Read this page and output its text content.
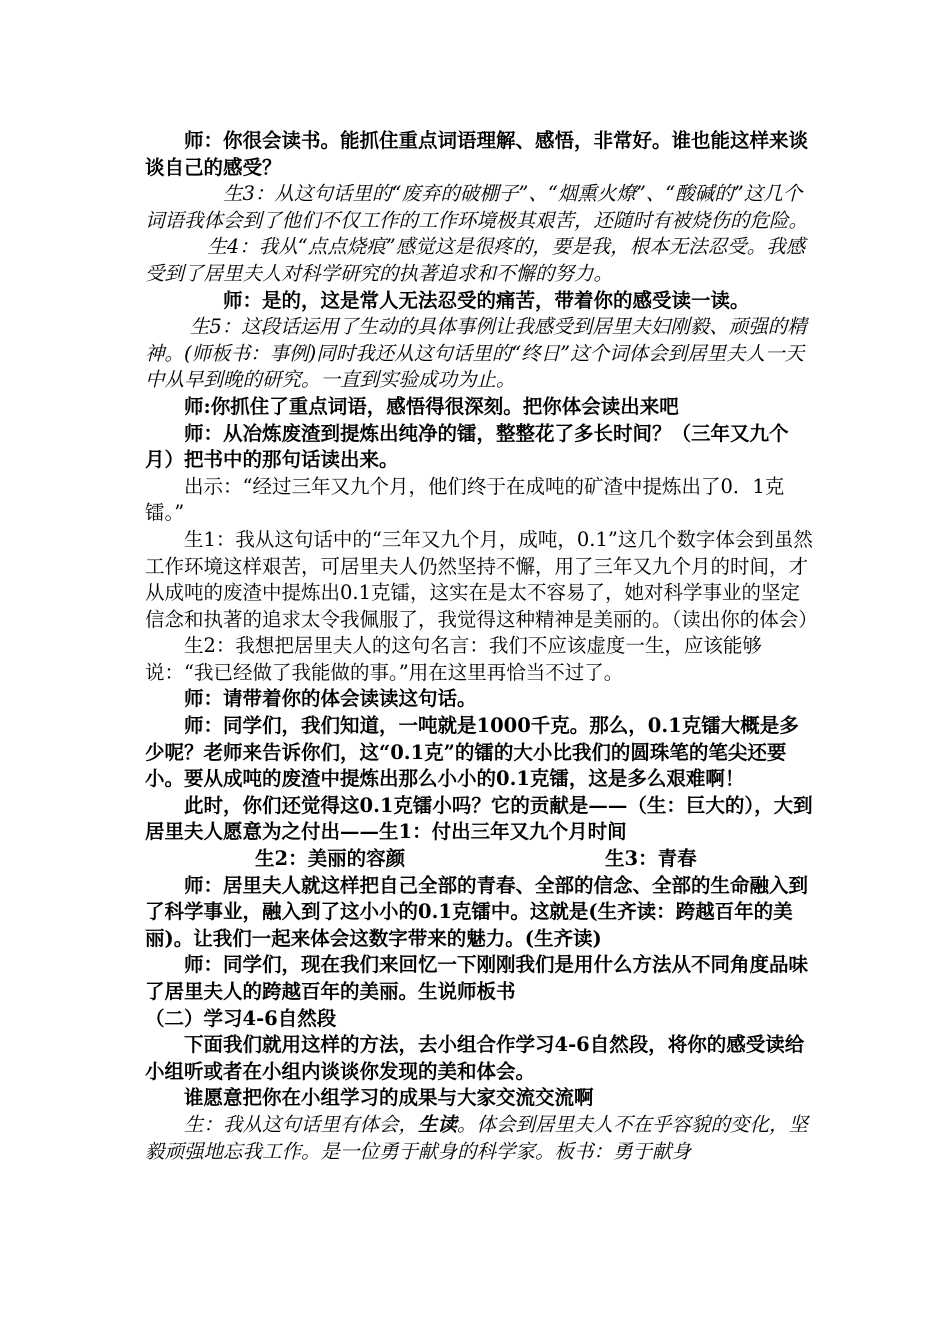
师：你很会读书。能抓住重点词语理解、感悟，非常好。谁也能这样来谈谈自己的感受？

生3：从这句话里的“废弃的破棚子”、“烟熏火燎”、“酸碱的”这几个词语我体会到了他们不仅工作的工作环境极其艰苦，还随时有被烧伤的危险。

生4：我从“点点烧痕”感觉这是很疼的，要是我，根本无法忍受。我感受到了居里夫人对科学研究的执著追求和不懈的努力。

师：是的，这是常人无法忍受的痛苦，带着你的感受读一读。

生5：这段话运用了生动的具体事例让我感受到居里夫妇刚毅、顽强的精神。(师板书：事例)同时我还从这句话里的“终日”这个词体会到居里夫人一天中从早到晚的研究。一直到实验成功为止。

师:你抓住了重点词语，感悟得很深刻。把你体会读出来吧

师：从冶炼废渣到提炼出纯净的镭，整整花了多长时间？（三年又九个月）把书中的那句话读出来。

出示：“经过三年又九个月，他们终于在成吨的矿渣中提炼出了0．1克镭。”

生1：我从这句话中的“三年又九个月，成吨，0.1”这几个数字体会到虽然工作环境这样艰苦，可居里夫人仍然坚持不懈，用了三年又九个月的时间，才从成吨的废渣中提炼出0.1克镭，这实在是太不容易了，她对科学事业的坚定信念和执著的追求太令我佩服了，我觉得这种精神是美丽的。（读出你的体会）

生2：我想把居里夫人的这句名言：我们不应该虚度一生，应该能够说：“我已经做了我能做的事。”用在这里再恰当不过了。

师：请带着你的体会读读这句话。

师：同学们，我们知道，一吨就是1000千克。那么，0.1克镭大概是多少呢？老师来告诉你们，这“0.1克”的镭的大小比我们的圆珠笔的笔尖还要小。要从成吨的废渣中提炼出那么小小的0.1克镭，这是多么艰难啊！

此时，你们还觉得这0.1克镭小吗？它的贡献是——（生：巨大的），大到居里夫人愿意为之付出——生1：付出三年又九个月时间

生2：美丽的容颜	生3：青春

师：居里夫人就这样把自己全部的青春、全部的信念、全部的生命融入到了科学事业，融入到了这小小的0.1克镭中。这就是(生齐读：跨越百年的美丽)。让我们一起来体会这数字带来的魅力。(生齐读)

师：同学们，现在我们来回忆一下刚刚我们是用什么方法从不同角度品味了居里夫人的跨越百年的美丽。生说师板书

（二）学习4-6自然段

下面我们就用这样的方法，去小组合作学习4-6自然段，将你的感受读给小组听或者在小组内谈谈你发现的美和体会。

谁愿意把你在小组学习的成果与大家交流交流啊

生：我从这句话里有体会，生读。体会到居里夫人不在乎容貌的变化，坚毅顽强地忘我工作。是一位勇于献身的科学家。板书：勇于献身
